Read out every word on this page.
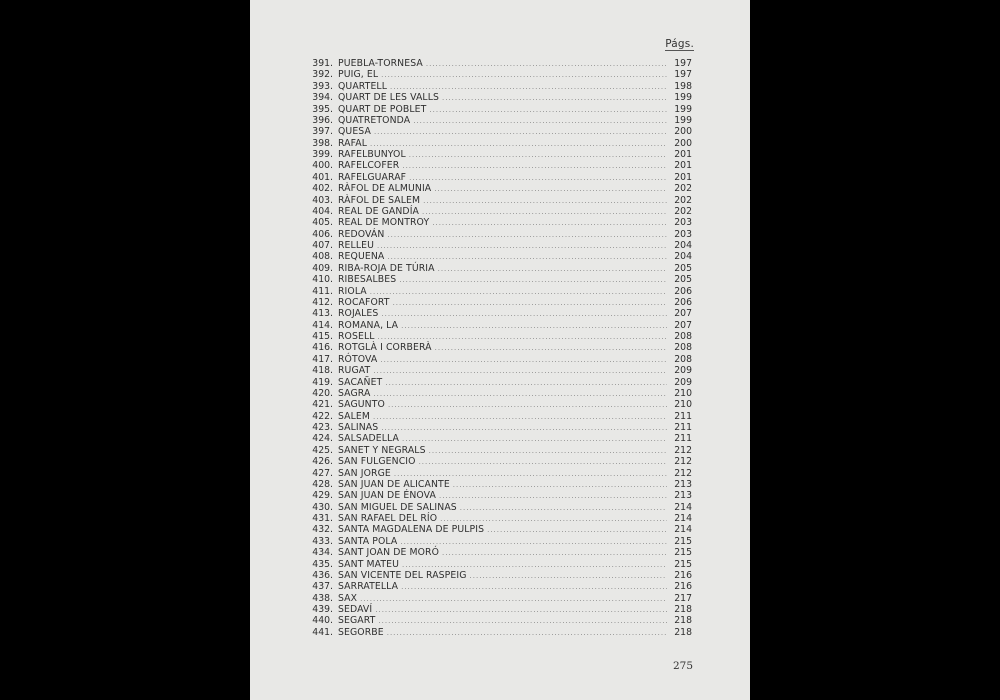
Págs.
391. PUEBLA-TORNESA .....	197
392. PUIG, EL .....	197
393. QUARTELL .....	198
394. QUART DE LES VALLS .....	199
395. QUART DE POBLET .....	199
396. QUATRETONDA .....	199
397. QUESA .....	200
398. RAFAL .....	200
399. RAFELBUNYOL .....	201
400. RAFELCOFER .....	201
401. RAFELGUARAF .....	201
402. RÀFOL DE ALMUNIA .....	202
403. RÀFOL DE SALEM .....	202
404. REAL DE GANDÍA .....	202
405. REAL DE MONTROY .....	203
406. REDOVÁN .....	203
407. RELLEU .....	204
408. REQUENA .....	204
409. RIBA-ROJA DE TÚRIA .....	205
410. RIBESALBES .....	205
411. RIOLA .....	206
412. ROCAFORT .....	206
413. ROJALES .....	207
414. ROMANA, LA .....	207
415. ROSELL .....	208
416. ROTGLÀ I CORBERÀ .....	208
417. RÓTOVA .....	208
418. RUGAT .....	209
419. SACAÑET .....	209
420. SAGRA .....	210
421. SAGUNTO .....	210
422. SALEM .....	211
423. SALINAS .....	211
424. SALSADELLA .....	211
425. SANET Y NEGRALS .....	212
426. SAN FULGENCIO .....	212
427. SAN JORGE .....	212
428. SAN JUAN DE ALICANTE .....	213
429. SAN JUAN DE ÉNOVA .....	213
430. SAN MIGUEL DE SALINAS .....	214
431. SAN RAFAEL DEL RÍO .....	214
432. SANTA MAGDALENA DE PULPIS .....	214
433. SANTA POLA .....	215
434. SANT JOAN DE MORÓ .....	215
435. SANT MATEU .....	215
436. SAN VICENTE DEL RASPEIG .....	216
437. SARRATELLA .....	216
438. SAX .....	217
439. SEDAVÍ .....	218
440. SEGART .....	218
441. SEGORBE .....	218
275
